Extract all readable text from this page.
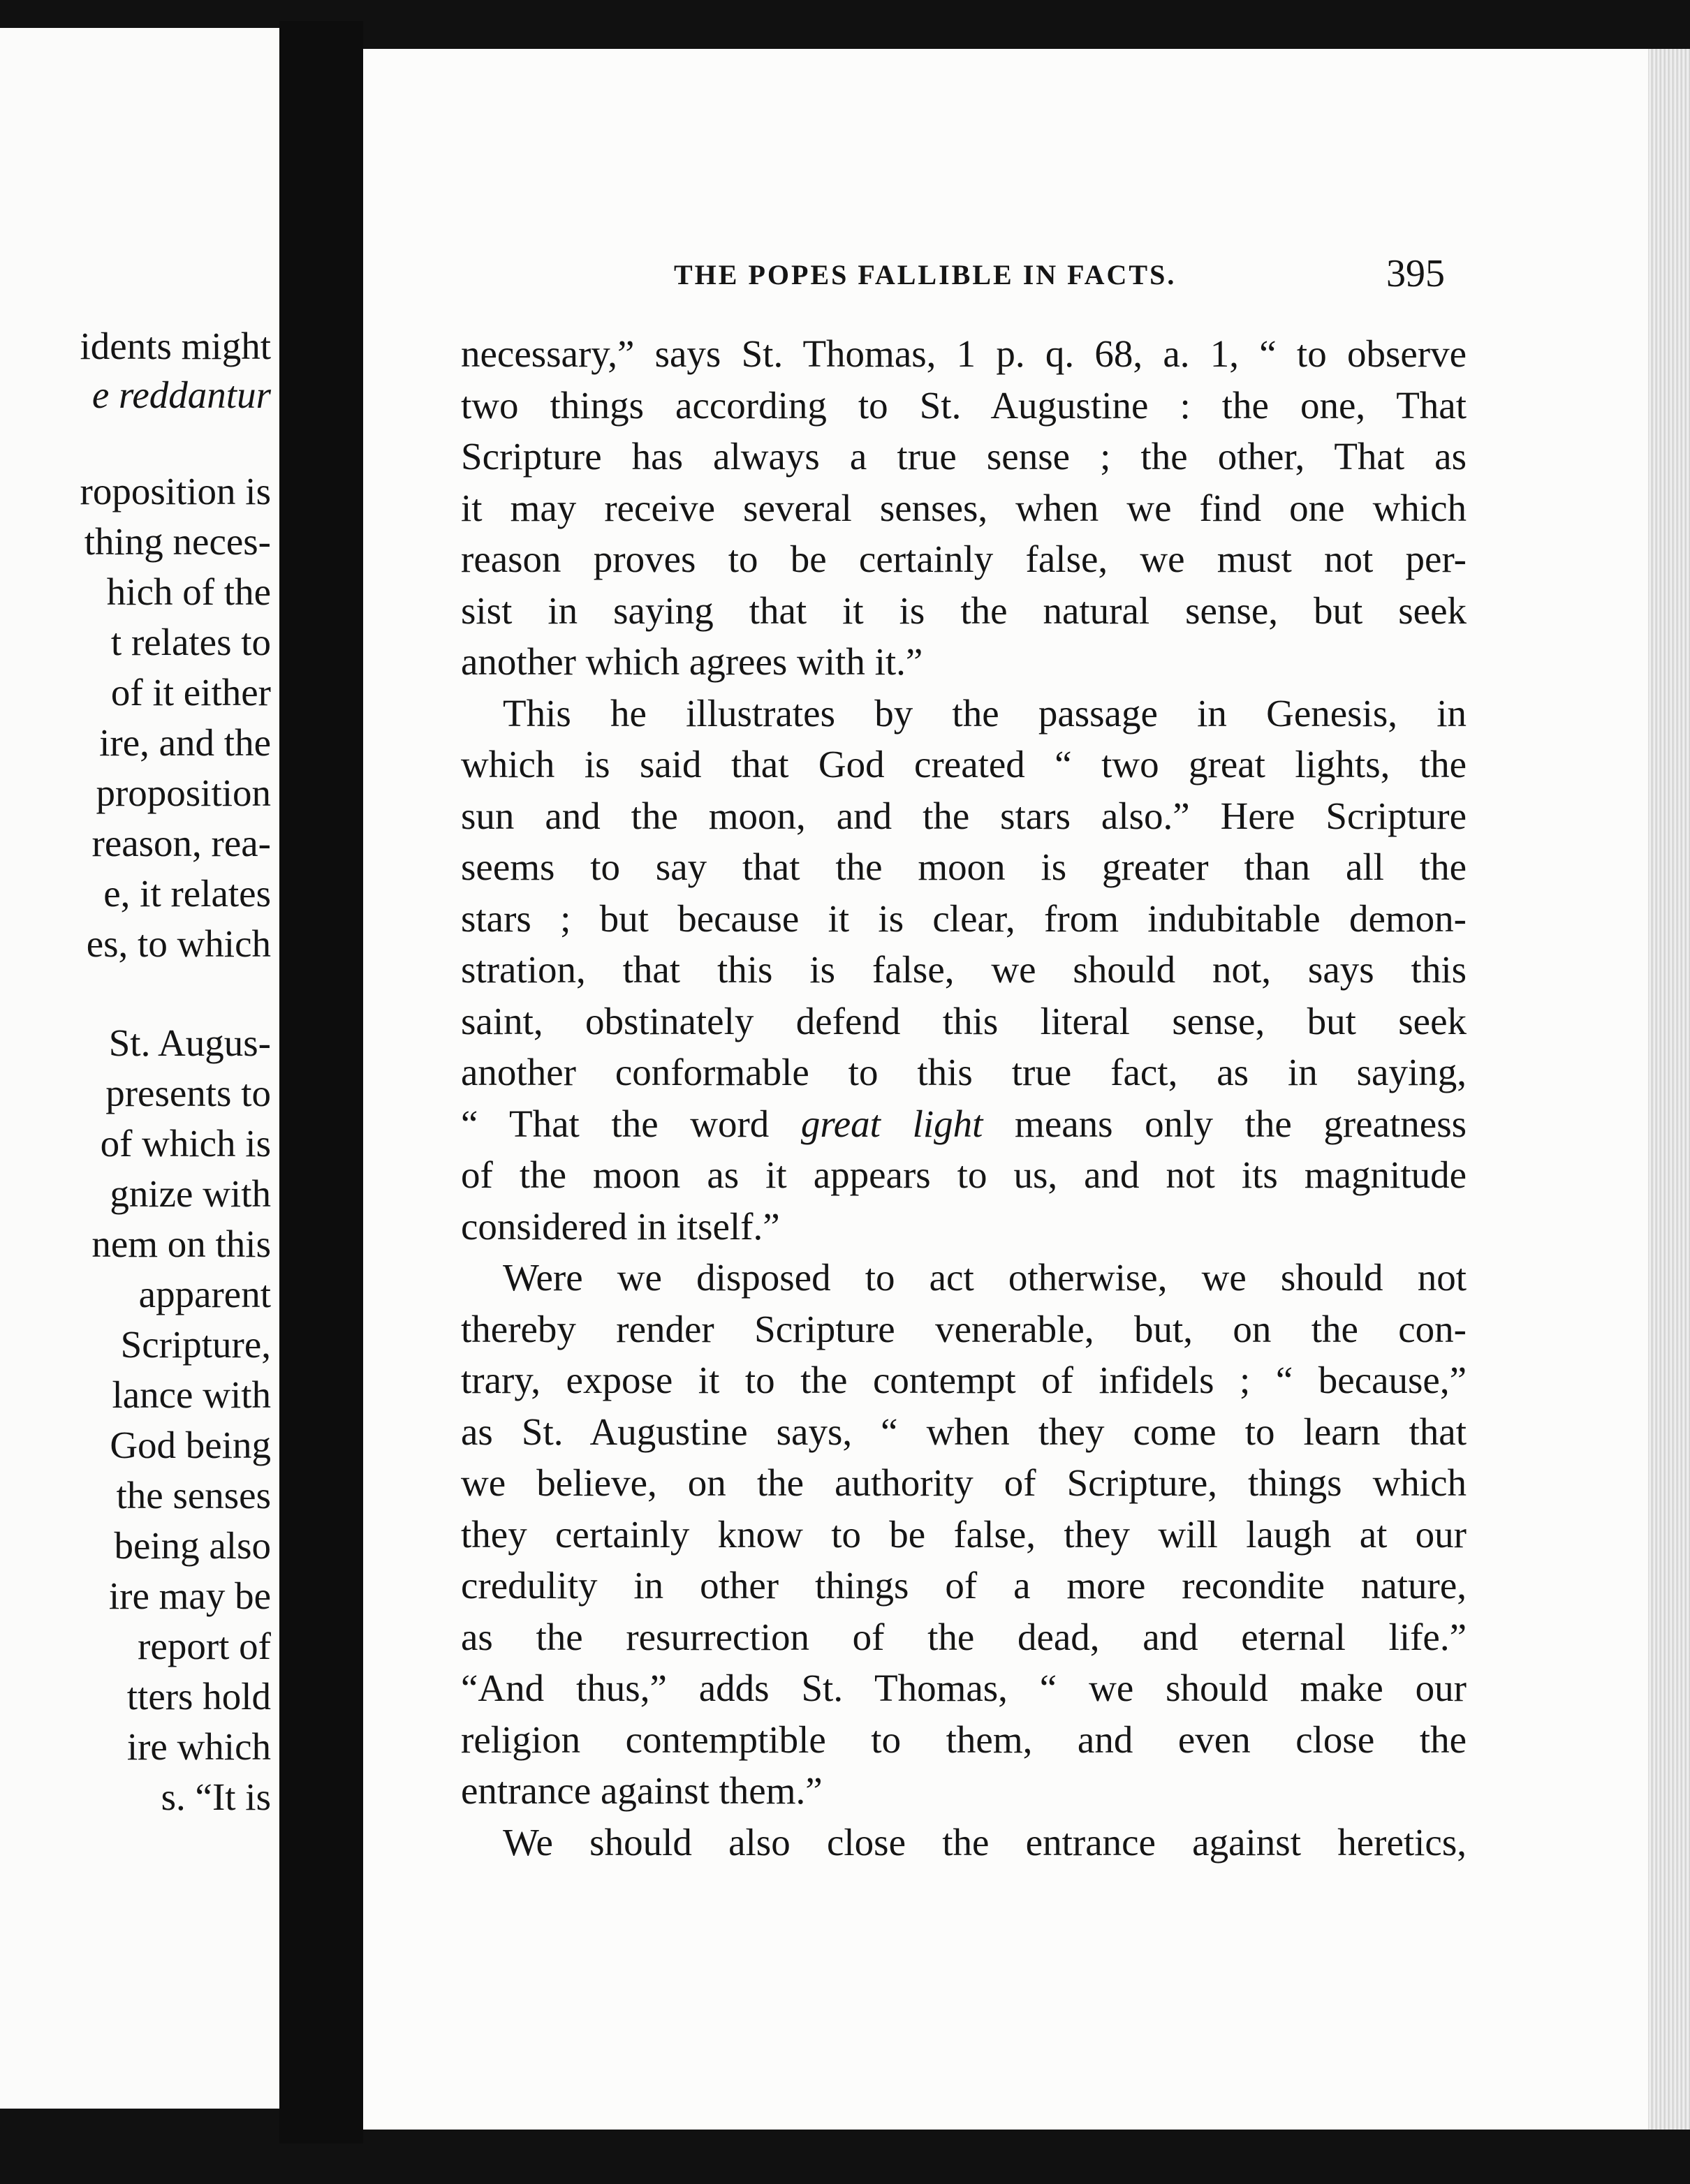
idents might
e reddantur
roposition is
thing neces-
hich of the
t relates to
of it either
ire, and the
proposition
reason, rea-
e, it relates
es, to which
St. Augus-
presents to
of which is
gnize with
nem on this
apparent
Scripture,
lance with
God being
the senses
being also
ire may be
report of
tters hold
ire which
s. “It is
THE POPES FALLIBLE IN FACTS.	395
necessary,” says St. Thomas, 1 p. q. 68, a. 1, “ to observe
two things according to St. Augustine : the one, That
Scripture has always a true sense ; the other, That as
it may receive several senses, when we find one which
reason proves to be certainly false, we must not per-
sist in saying that it is the natural sense, but seek
another which agrees with it.”
This he illustrates by the passage in Genesis, in
which is said that God created “ two great lights, the
sun and the moon, and the stars also.” Here Scripture
seems to say that the moon is greater than all the
stars ; but because it is clear, from indubitable demon-
stration, that this is false, we should not, says this
saint, obstinately defend this literal sense, but seek
another conformable to this true fact, as in saying,
“ That the word great light means only the greatness
of the moon as it appears to us, and not its magnitude
considered in itself.”
Were we disposed to act otherwise, we should not
thereby render Scripture venerable, but, on the con-
trary, expose it to the contempt of infidels ; “ because,”
as St. Augustine says, “ when they come to learn that
we believe, on the authority of Scripture, things which
they certainly know to be false, they will laugh at our
credulity in other things of a more recondite nature,
as the resurrection of the dead, and eternal life.”
“And thus,” adds St. Thomas, “ we should make our
religion contemptible to them, and even close the
entrance against them.”
We should also close the entrance against heretics,
